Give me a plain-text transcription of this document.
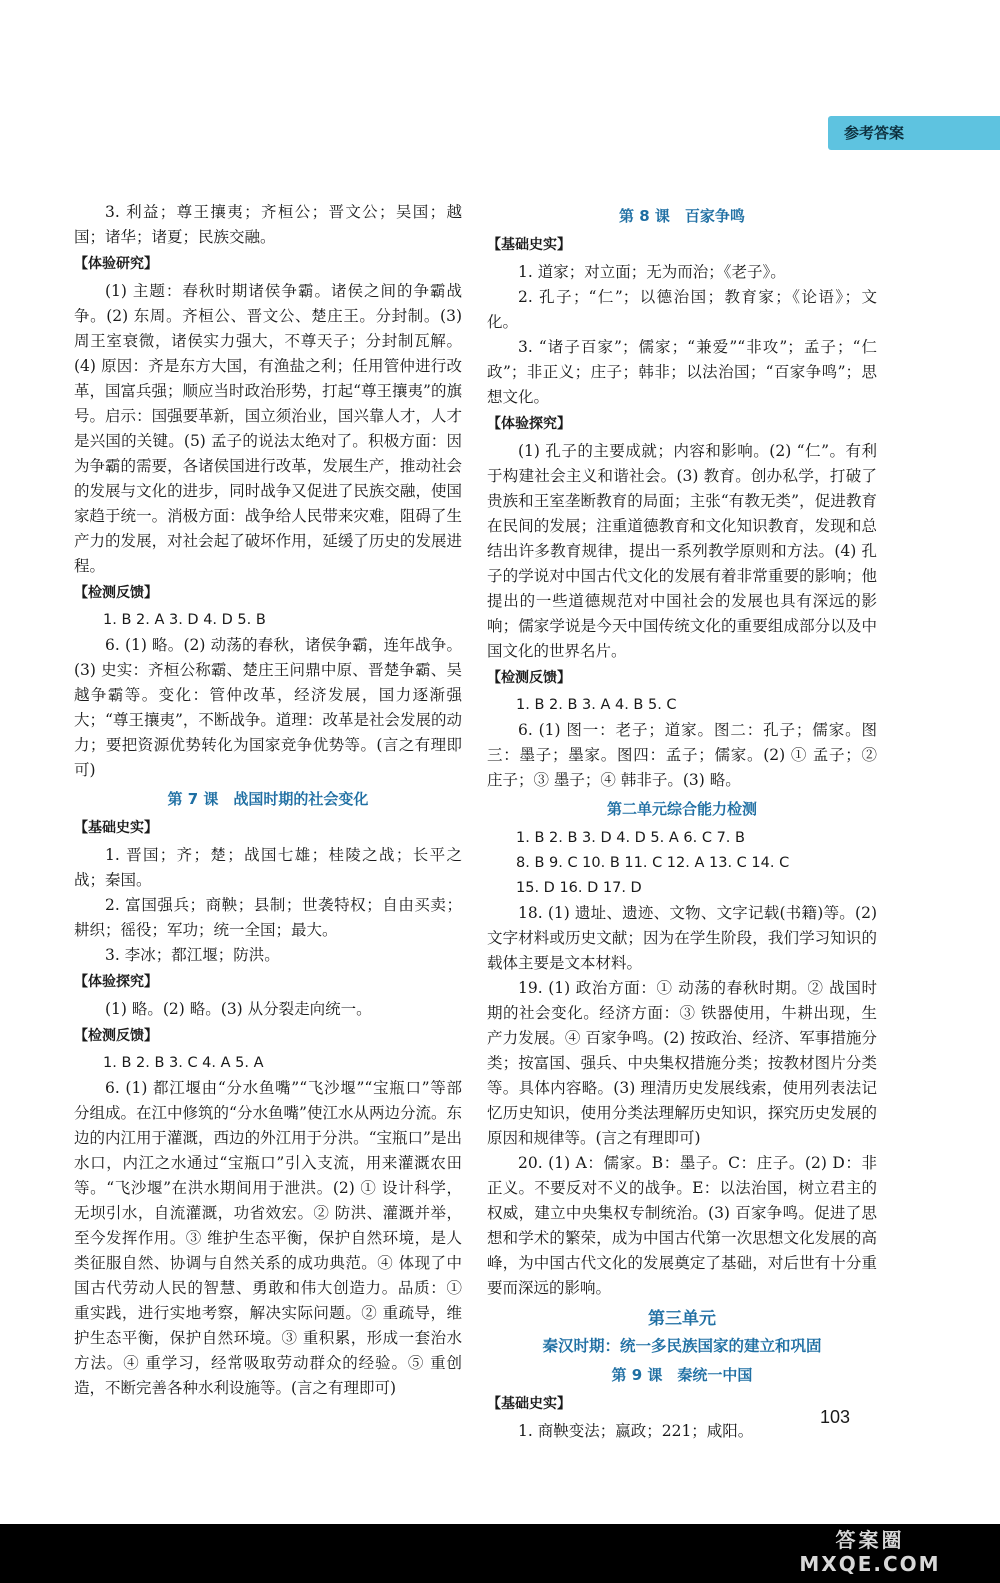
参考答案

3. 利益；尊王攘夷；齐桓公；晋文公；吴国；越国；诸华；诸夏；民族交融。

【体验研究】

(1) 主题：春秋时期诸侯争霸。诸侯之间的争霸战争。(2) 东周。齐桓公、晋文公、楚庄王。分封制。(3) 周王室衰微，诸侯实力强大，不尊天子；分封制瓦解。(4) 原因：齐是东方大国，有渔盐之利；任用管仲进行改革，国富兵强；顺应当时政治形势，打起“尊王攘夷”的旗号。启示：国强要革新，国立须治业，国兴靠人才，人才是兴国的关键。(5) 孟子的说法太绝对了。积极方面：因为争霸的需要，各诸侯国进行改革，发展生产，推动社会的发展与文化的进步，同时战争又促进了民族交融，使国家趋于统一。消极方面：战争给人民带来灾难，阻碍了生产力的发展，对社会起了破坏作用，延缓了历史的发展进程。

【检测反馈】

1. B 2. A 3. D 4. D 5. B

6. (1) 略。(2) 动荡的春秋，诸侯争霸，连年战争。(3) 史实：齐桓公称霸、楚庄王问鼎中原、晋楚争霸、吴越争霸等。变化：管仲改革，经济发展，国力逐渐强大；“尊王攘夷”，不断战争。道理：改革是社会发展的动力；要把资源优势转化为国家竞争优势等。(言之有理即可)

第 7 课　战国时期的社会变化
【基础史实】

1. 晋国；齐；楚；战国七雄；桂陵之战；长平之战；秦国。

2. 富国强兵；商鞅；县制；世袭特权；自由买卖；耕织；徭役；军功；统一全国；最大。

3. 李冰；都江堰；防洪。

【体验探究】

(1) 略。(2) 略。(3) 从分裂走向统一。

【检测反馈】

1. B 2. B 3. C 4. A 5. A

6. (1) 都江堰由“分水鱼嘴”“飞沙堰”“宝瓶口”等部分组成。在江中修筑的“分水鱼嘴”使江水从两边分流。东边的内江用于灌溉，西边的外江用于分洪。“宝瓶口”是出水口，内江之水通过“宝瓶口”引入支流，用来灌溉农田等。“飞沙堰”在洪水期间用于泄洪。(2) ① 设计科学，无坝引水，自流灌溉，功省效宏。② 防洪、灌溉并举，至今发挥作用。③ 维护生态平衡，保护自然环境，是人类征服自然、协调与自然关系的成功典范。④ 体现了中国古代劳动人民的智慧、勇敢和伟大创造力。品质：① 重实践，进行实地考察，解决实际问题。② 重疏导，维护生态平衡，保护自然环境。③ 重积累，形成一套治水方法。④ 重学习，经常吸取劳动群众的经验。⑤ 重创造，不断完善各种水利设施等。(言之有理即可)

第 8 课　百家争鸣
【基础史实】

1. 道家；对立面；无为而治；《老子》。

2. 孔子；“仁”；以德治国；教育家；《论语》；文化。

3. “诸子百家”；儒家；“兼爱”“非攻”；孟子；“仁政”；非正义；庄子；韩非；以法治国；“百家争鸣”；思想文化。

【体验探究】

(1) 孔子的主要成就；内容和影响。(2) “仁”。有利于构建社会主义和谐社会。(3) 教育。创办私学，打破了贵族和王室垄断教育的局面；主张“有教无类”，促进教育在民间的发展；注重道德教育和文化知识教育，发现和总结出许多教育规律，提出一系列教学原则和方法。(4) 孔子的学说对中国古代文化的发展有着非常重要的影响；他提出的一些道德规范对中国社会的发展也具有深远的影响；儒家学说是今天中国传统文化的重要组成部分以及中国文化的世界名片。

【检测反馈】

1. B 2. B 3. A 4. B 5. C

6. (1) 图一：老子；道家。图二：孔子；儒家。图三：墨子；墨家。图四：孟子；儒家。(2) ① 孟子；② 庄子；③ 墨子；④ 韩非子。(3) 略。

第二单元综合能力检测

1. B 2. B 3. D 4. D 5. A 6. C 7. B

8. B 9. C 10. B 11. C 12. A 13. C 14. C

15. D 16. D 17. D

18. (1) 遗址、遗迹、文物、文字记载(书籍)等。(2) 文字材料或历史文献；因为在学生阶段，我们学习知识的载体主要是文本材料。

19. (1) 政治方面：① 动荡的春秋时期。② 战国时期的社会变化。经济方面：③ 铁器使用，牛耕出现，生产力发展。④ 百家争鸣。(2) 按政治、经济、军事措施分类；按富国、强兵、中央集权措施分类；按教材图片分类等。具体内容略。(3) 理清历史发展线索，使用列表法记忆历史知识，使用分类法理解历史知识，探究历史发展的原因和规律等。(言之有理即可)

20. (1) A：儒家。B：墨子。C：庄子。(2) D：非正义。不要反对不义的战争。E：以法治国，树立君主的权威，建立中央集权专制统治。(3) 百家争鸣。促进了思想和学术的繁荣，成为中国古代第一次思想文化发展的高峰，为中国古代文化的发展奠定了基础，对后世有十分重要而深远的影响。

第三单元
秦汉时期：统一多民族国家的建立和巩固
第 9 课　秦统一中国
【基础史实】

1. 商鞅变法；嬴政；221；咸阳。

103
答案圈
MXQE.COM
